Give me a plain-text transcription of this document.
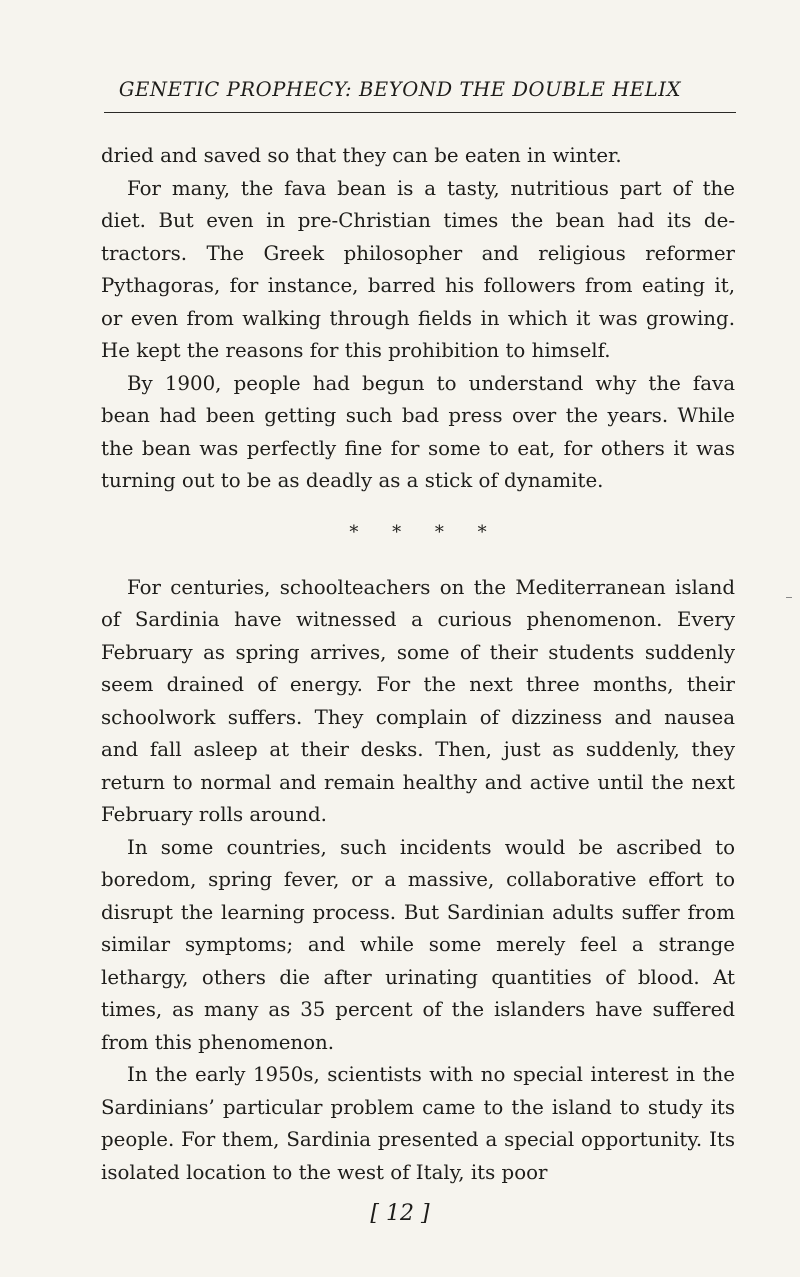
GENETIC PROPHECY: BEYOND THE DOUBLE HELIX

dried and saved so that they can be eaten in winter.

For many, the fava bean is a tasty, nutritious part of the diet. But even in pre-Christian times the bean had its detractors. The Greek philosopher and religious reformer Pythagoras, for instance, barred his followers from eating it, or even from walking through fields in which it was growing. He kept the reasons for this prohibition to himself.

By 1900, people had begun to understand why the fava bean had been getting such bad press over the years. While the bean was perfectly fine for some to eat, for others it was turning out to be as deadly as a stick of dynamite.

* * * *

For centuries, schoolteachers on the Mediterranean island of Sardinia have witnessed a curious phenomenon. Every February as spring arrives, some of their students suddenly seem drained of energy. For the next three months, their schoolwork suffers. They complain of dizziness and nausea and fall asleep at their desks. Then, just as suddenly, they return to normal and remain healthy and active until the next February rolls around.

In some countries, such incidents would be ascribed to boredom, spring fever, or a massive, collaborative effort to disrupt the learning process. But Sardinian adults suffer from similar symptoms; and while some merely feel a strange lethargy, others die after urinating quantities of blood. At times, as many as 35 percent of the islanders have suffered from this phenomenon.

In the early 1950s, scientists with no special interest in the Sardinians’ particular problem came to the island to study its people. For them, Sardinia presented a special opportunity. Its isolated location to the west of Italy, its poor

[ 12 ]
